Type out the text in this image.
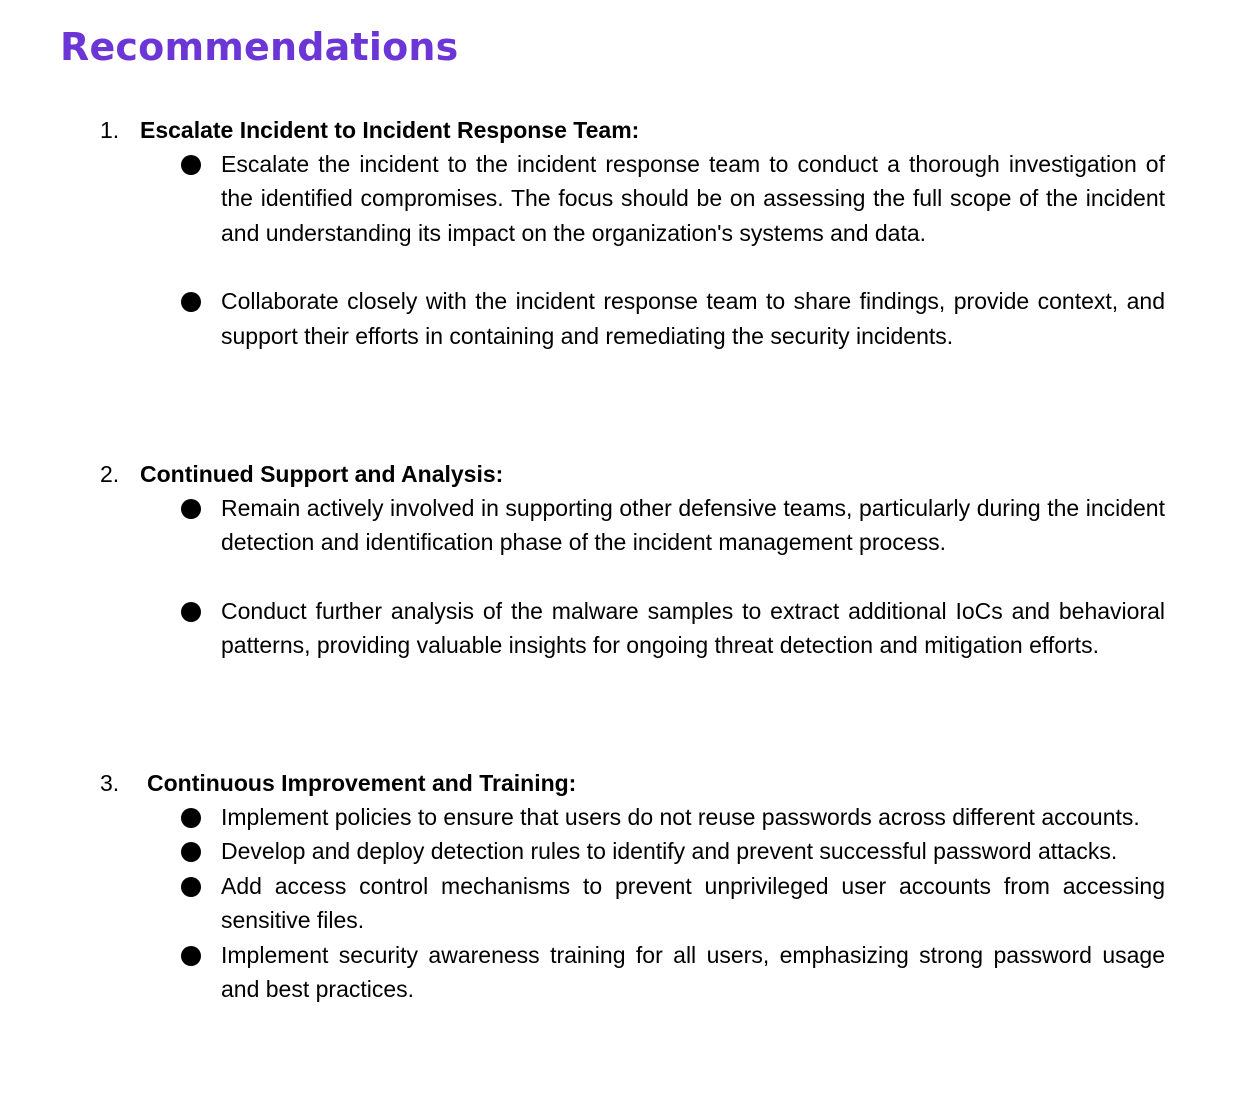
Recommendations
1. Escalate Incident to Incident Response Team:
Escalate the incident to the incident response team to conduct a thorough investigation of the identified compromises. The focus should be on assessing the full scope of the incident and understanding its impact on the organization's systems and data.
Collaborate closely with the incident response team to share findings, provide context, and support their efforts in containing and remediating the security incidents.
2. Continued Support and Analysis:
Remain actively involved in supporting other defensive teams, particularly during the incident detection and identification phase of the incident management process.
Conduct further analysis of the malware samples to extract additional IoCs and behavioral patterns, providing valuable insights for ongoing threat detection and mitigation efforts.
3. Continuous Improvement and Training:
Implement policies to ensure that users do not reuse passwords across different accounts.
Develop and deploy detection rules to identify and prevent successful password attacks.
Add access control mechanisms to prevent unprivileged user accounts from accessing sensitive files.
Implement security awareness training for all users, emphasizing strong password usage and best practices.
